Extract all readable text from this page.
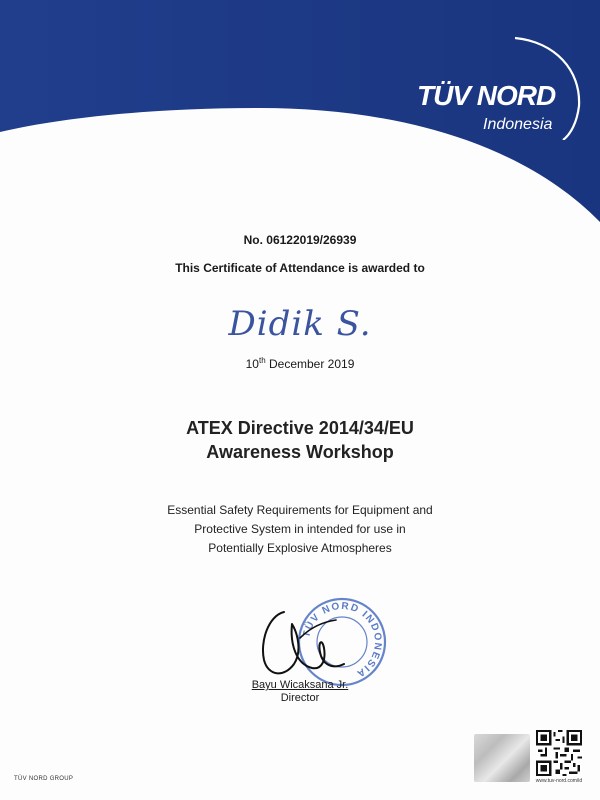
TÜV NORD
Indonesia
No. 06122019/26939
This Certificate of Attendance is awarded to
Didik S.
10th December 2019
ATEX Directive 2014/34/EU
Awareness Workshop
Essential Safety Requirements for Equipment and
Protective System in intended for use in
Potentially Explosive Atmospheres
TÜV NORD INDONESIA
Bayu Wicaksana Jr.
Director
TÜV NORD GROUP	www.tuv-nord.com/id
